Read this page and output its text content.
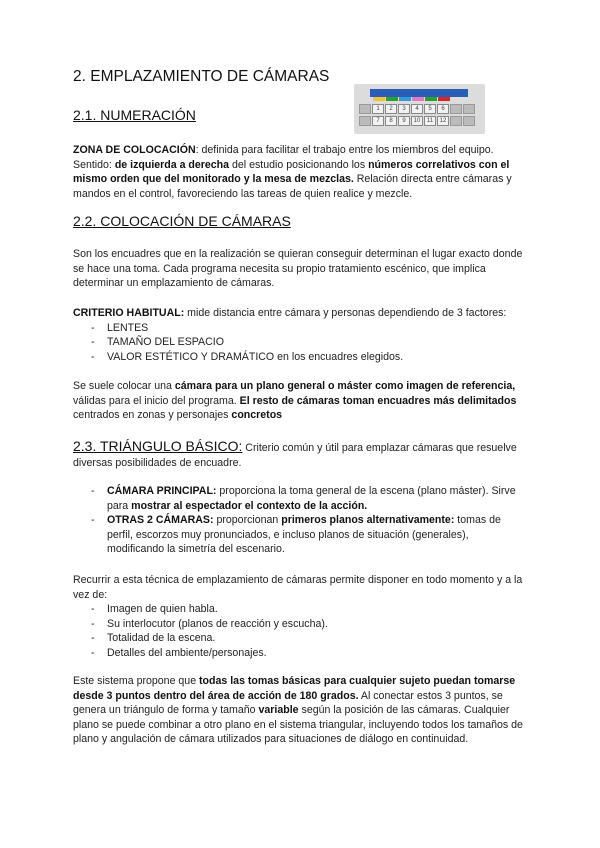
2. EMPLAZAMIENTO DE CÁMARAS
2.1. NUMERACIÓN

ZONA DE COLOCACIÓN: definida para facilitar el trabajo entre los miembros del equipo. Sentido: de izquierda a derecha del estudio posicionando los números correlativos con el mismo orden que del monitorado y la mesa de mezclas. Relación directa entre cámaras y mandos en el control, favoreciendo las tareas de quien realice y mezcle.

2.2. COLOCACIÓN DE CÁMARAS

Son los encuadres que en la realización se quieran conseguir determinan el lugar exacto donde se hace una toma. Cada programa necesita su propio tratamiento escénico, que implica determinar un emplazamiento de cámaras.

CRITERIO HABITUAL: mide distancia entre cámara y personas dependiendo de 3 factores:

- LENTES
- TAMAÑO DEL ESPACIO
- VALOR ESTÉTICO Y DRAMÁTICO en los encuadres elegidos.

Se suele colocar una cámara para un plano general o máster como imagen de referencia, válidas para el inicio del programa. El resto de cámaras toman encuadres más delimitados centrados en zonas y personajes concretos

2.3. TRIÁNGULO BÁSICO: Criterio común y útil para emplazar cámaras que resuelve diversas posibilidades de encuadre.

- CÁMARA PRINCIPAL: proporciona la toma general de la escena (plano máster). Sirve para mostrar al espectador el contexto de la acción.
- OTRAS 2 CÁMARAS: proporcionan primeros planos alternativamente: tomas de perfil, escorzos muy pronunciados, e incluso planos de situación (generales), modificando la simetría del escenario.

Recurrir a esta técnica de emplazamiento de cámaras permite disponer en todo momento y a la vez de:

- Imagen de quien habla.
- Su interlocutor (planos de reacción y escucha).
- Totalidad de la escena.
- Detalles del ambiente/personajes.

Este sistema propone que todas las tomas básicas para cualquier sujeto puedan tomarse desde 3 puntos dentro del área de acción de 180 grados. Al conectar estos 3 puntos, se genera un triángulo de forma y tamaño variable según la posición de las cámaras. Cualquier plano se puede combinar a otro plano en el sistema triangular, incluyendo todos los tamaños de plano y angulación de cámara utilizados para situaciones de diálogo en continuidad.

1	2	3	4	5	6
7	8	9	10	11	12
